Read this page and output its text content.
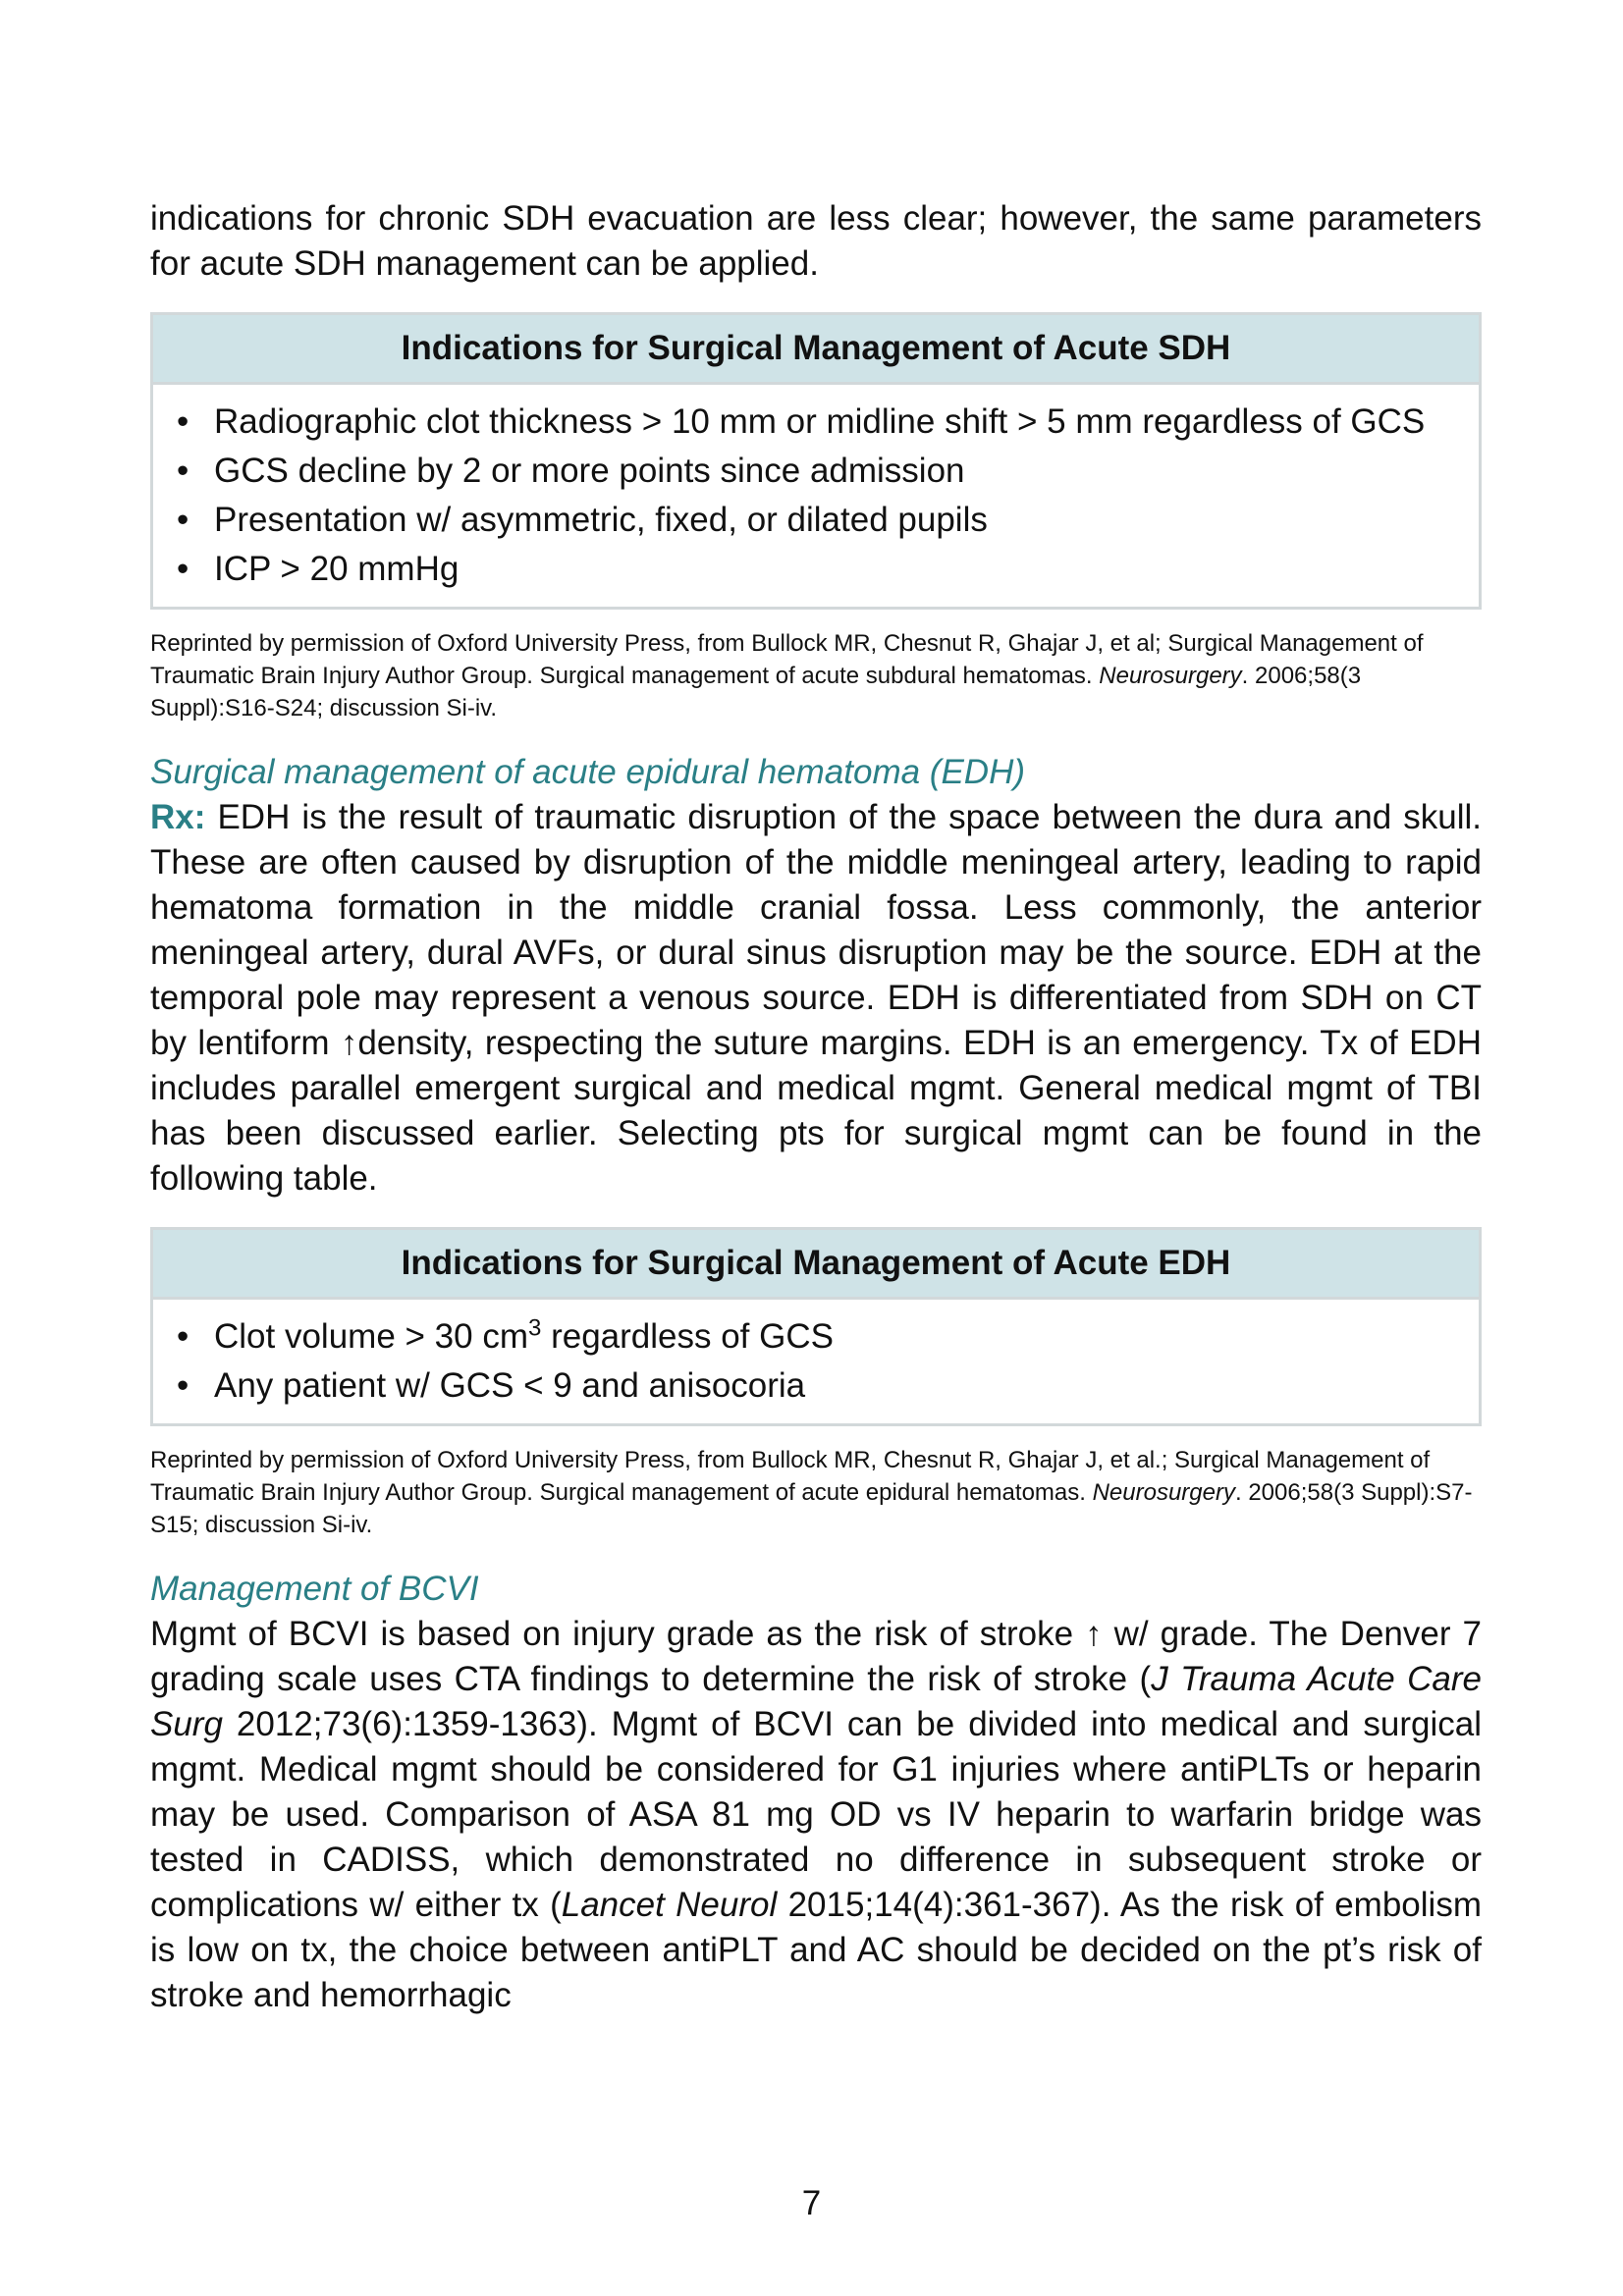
indications for chronic SDH evacuation are less clear; however, the same parameters for acute SDH management can be applied.

Indications for Surgical Management of Acute SDH
• Radiographic clot thickness > 10 mm or midline shift > 5 mm regardless of GCS
• GCS decline by 2 or more points since admission
• Presentation w/ asymmetric, fixed, or dilated pupils
• ICP > 20 mmHg

Reprinted by permission of Oxford University Press, from Bullock MR, Chesnut R, Ghajar J, et al; Surgical Management of Traumatic Brain Injury Author Group. Surgical management of acute subdural hematomas. Neurosurgery. 2006;58(3 Suppl):S16-S24; discussion Si-iv.

Surgical management of acute epidural hematoma (EDH)

Rx: EDH is the result of traumatic disruption of the space between the dura and skull. These are often caused by disruption of the middle meningeal artery, leading to rapid hematoma formation in the middle cranial fossa. Less commonly, the anterior meningeal artery, dural AVFs, or dural sinus disruption may be the source. EDH at the temporal pole may represent a venous source. EDH is differentiated from SDH on CT by lentiform ↑density, respecting the suture margins. EDH is an emergency. Tx of EDH includes parallel emergent surgical and medical mgmt. General medical mgmt of TBI has been discussed earlier. Selecting pts for surgical mgmt can be found in the following table.

Indications for Surgical Management of Acute EDH
• Clot volume > 30 $cm^3$ regardless of GCS
• Any patient w/ GCS < 9 and anisocoria

Reprinted by permission of Oxford University Press, from Bullock MR, Chesnut R, Ghajar J, et al.; Surgical Management of Traumatic Brain Injury Author Group. Surgical management of acute epidural hematomas. Neurosurgery. 2006;58(3 Suppl):S7-S15; discussion Si-iv.

Management of BCVI

Mgmt of BCVI is based on injury grade as the risk of stroke ↑ w/ grade. The Denver 7 grading scale uses CTA findings to determine the risk of stroke (J Trauma Acute Care Surg 2012;73(6):1359-1363). Mgmt of BCVI can be divided into medical and surgical mgmt. Medical mgmt should be considered for G1 injuries where antiPLTs or heparin may be used. Comparison of ASA 81 mg OD vs IV heparin to warfarin bridge was tested in CADISS, which demonstrated no difference in subsequent stroke or complications w/ either tx (Lancet Neurol 2015;14(4):361-367). As the risk of embolism is low on tx, the choice between antiPLT and AC should be decided on the pt’s risk of stroke and hemorrhagic

7
